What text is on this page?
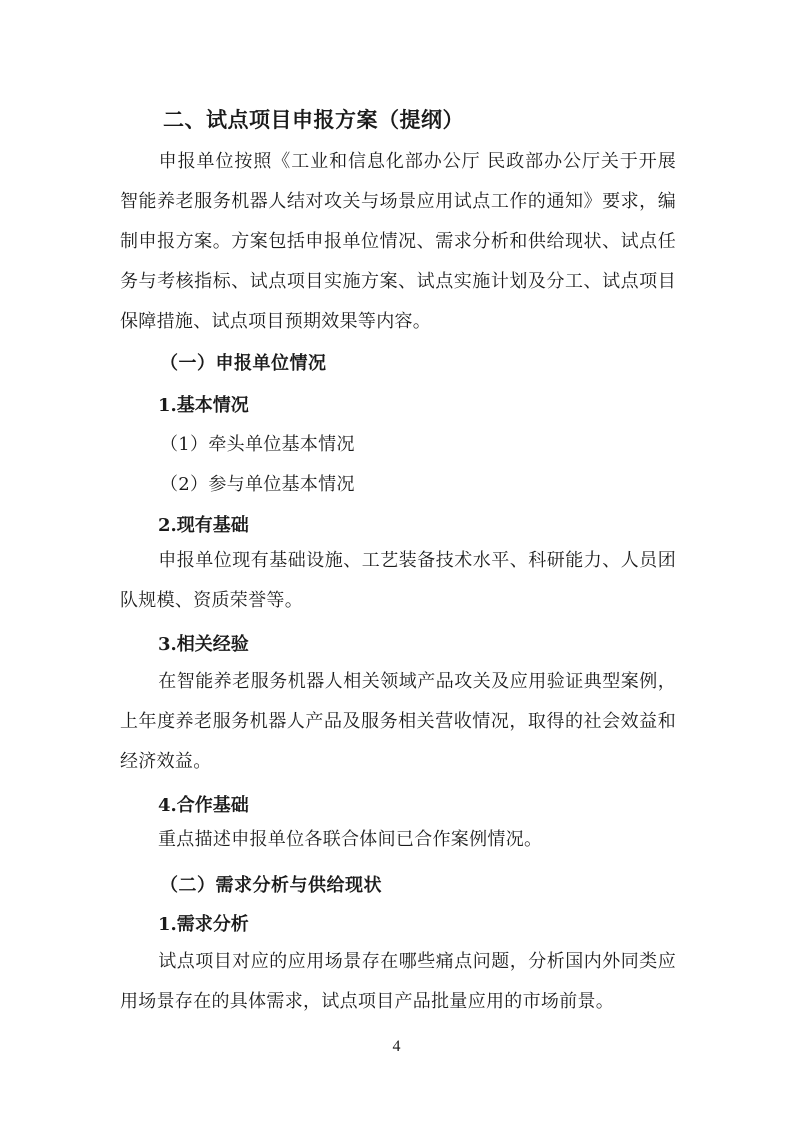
二、试点项目申报方案（提纲）

申报单位按照《工业和信息化部办公厅 民政部办公厅关于开展智能养老服务机器人结对攻关与场景应用试点工作的通知》要求，编制申报方案。方案包括申报单位情况、需求分析和供给现状、试点任务与考核指标、试点项目实施方案、试点实施计划及分工、试点项目保障措施、试点项目预期效果等内容。

（一）申报单位情况
1.基本情况
（1）牵头单位基本情况
（2）参与单位基本情况
2.现有基础

申报单位现有基础设施、工艺装备技术水平、科研能力、人员团队规模、资质荣誉等。

3.相关经验

在智能养老服务机器人相关领域产品攻关及应用验证典型案例，上年度养老服务机器人产品及服务相关营收情况，取得的社会效益和经济效益。

4.合作基础

重点描述申报单位各联合体间已合作案例情况。

（二）需求分析与供给现状
1.需求分析

试点项目对应的应用场景存在哪些痛点问题，分析国内外同类应用场景存在的具体需求，试点项目产品批量应用的市场前景。

4
